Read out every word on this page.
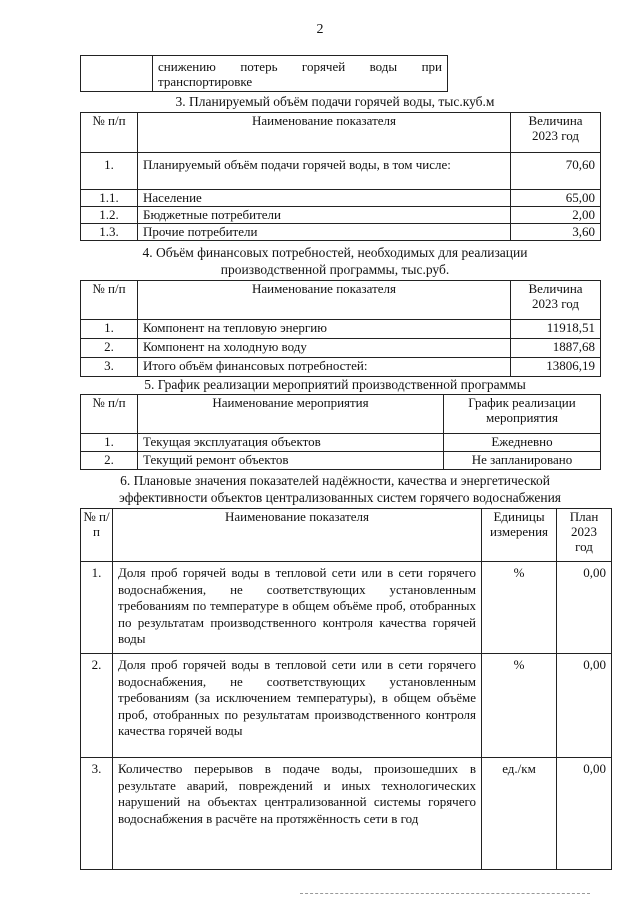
2
	снижению потерь горячей воды при транспортировке
3. Планируемый объём подачи горячей воды, тыс.куб.м
№ п/п	Наименование показателя	Величина 2023 год
1.	Планируемый объём подачи горячей воды, в том числе:	70,60
1.1.	Население	65,00
1.2.	Бюджетные потребители	2,00
1.3.	Прочие потребители	3,60
4. Объём финансовых потребностей, необходимых для реализации
производственной программы, тыс.руб.
№ п/п	Наименование показателя	Величина 2023 год
1.	Компонент на тепловую энергию	11918,51
2.	Компонент на холодную воду	1887,68
3.	Итого объём финансовых потребностей:	13806,19
5. График реализации мероприятий производственной программы
№ п/п	Наименование мероприятия	График реализации мероприятия
1.	Текущая эксплуатация объектов	Ежедневно
2.	Текущий ремонт объектов	Не запланировано
6. Плановые значения показателей надёжности, качества и энергетической
эффективности объектов централизованных систем горячего водоснабжения
№ п/п	Наименование показателя	Единицы измерения	План 2023 год
1.	Доля проб горячей воды в тепловой сети или в сети горячего водоснабжения, не соответствующих установленным требованиям по температуре в общем объёме проб, отобранных по результатам производственного контроля качества горячей воды	%	0,00
2.	Доля проб горячей воды в тепловой сети или в сети горячего водоснабжения, не соответствующих установленным требованиям (за исключением температуры), в общем объёме проб, отобранных по результатам производственного контроля качества горячей воды	%	0,00
3.	Количество перерывов в подаче воды, произошедших в результате аварий, повреждений и иных технологических нарушений на объектах централизованной системы горячего водоснабжения в расчёте на протяжённость сети в год	ед./км	0,00
